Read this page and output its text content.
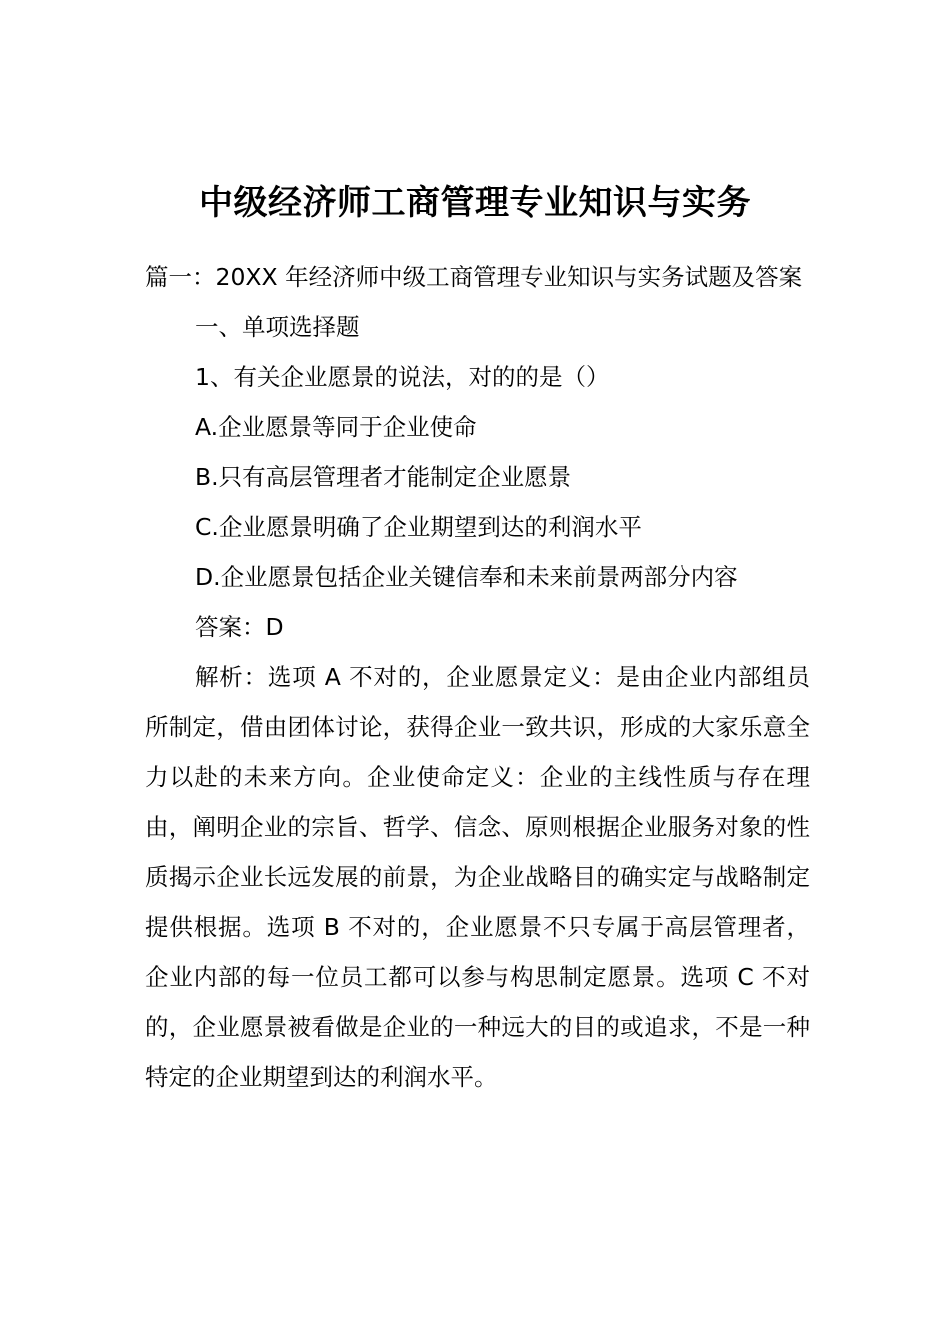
中级经济师工商管理专业知识与实务

篇一：20XX 年经济师中级工商管理专业知识与实务试题及答案

一、单项选择题

1、有关企业愿景的说法，对的的是（）

A.企业愿景等同于企业使命

B.只有高层管理者才能制定企业愿景

C.企业愿景明确了企业期望到达的利润水平

D.企业愿景包括企业关键信奉和未来前景两部分内容

答案：D

解析：选项 A 不对的，企业愿景定义：是由企业内部组员所制定，借由团体讨论，获得企业一致共识，形成的大家乐意全力以赴的未来方向。企业使命定义：企业的主线性质与存在理由，阐明企业的宗旨、哲学、信念、原则根据企业服务对象的性质揭示企业长远发展的前景，为企业战略目的确实定与战略制定提供根据。选项 B 不对的，企业愿景不只专属于高层管理者，企业内部的每一位员工都可以参与构思制定愿景。选项 C 不对的，企业愿景被看做是企业的一种远大的目的或追求，不是一种特定的企业期望到达的利润水平。
